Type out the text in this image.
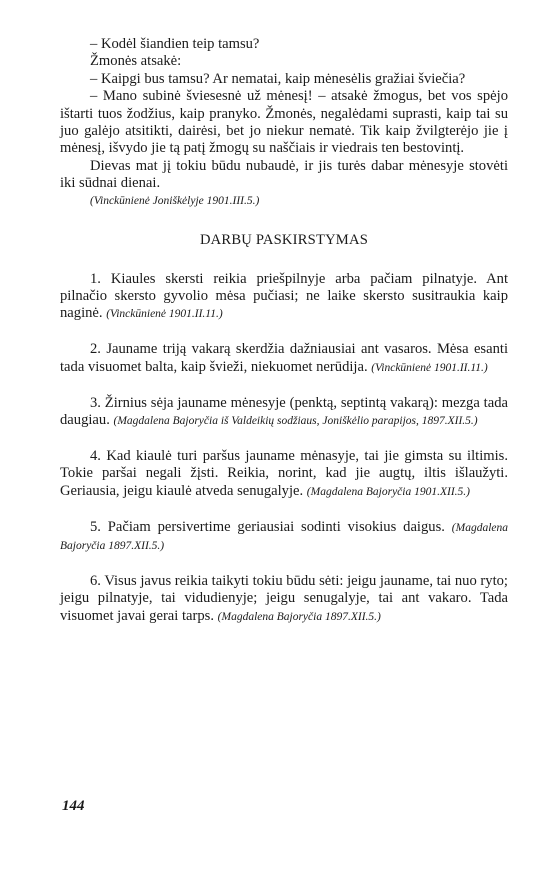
– Kodėl šiandien teip tamsu?

Žmonės atsakė:

– Kaipgi bus tamsu? Ar nematai, kaip mėnesėlis gražiai šviečia?

– Mano subinė šviesesnė už mėnesį! – atsakė žmogus, bet vos spėjo ištarti tuos žodžius, kaip pranyko. Žmonės, negalėdami suprasti, kaip tai su juo galėjo atsitikti, dairėsi, bet jo niekur nematė. Tik kaip žvilgterėjo jie į mėnesį, išvydo jie tą patį žmogų su naščiais ir viedrais ten bestovintį.

Dievas mat jį tokiu būdu nubaudė, ir jis turės dabar mėnesyje stovėti iki sūdnai dienai.

(Vinckūnienė Joniškėlyje 1901.III.5.)

DARBŲ PASKIRSTYMAS

1. Kiaules skersti reikia priešpilnyje arba pačiam pilnatyje. Ant pilnačio skersto gyvolio mėsa pučiasi; ne laike skersto susitraukia kaip naginė. (Vinckūnienė 1901.II.11.)

2. Jauname triją vakarą skerdžia dažniausiai ant vasaros. Mėsa esanti tada visuomet balta, kaip švieži, niekuomet nerūdija. (Vinckūnienė 1901.II.11.)

3. Žirnius sėja jauname mėnesyje (penktą, septintą vakarą): mezga tada daugiau. (Magdalena Bajoryčia iš Valdeikių sodžiaus, Joniškėlio parapijos, 1897.XII.5.)

4. Kad kiaulė turi paršus jauname mėnasyje, tai jie gimsta su iltimis. Tokie paršai negali žįsti. Reikia, norint, kad jie augtų, iltis išlaužyti. Geriausia, jeigu kiaulė atveda senugalyje. (Magdalena Bajoryčia 1901.XII.5.)

5. Pačiam persivertime geriausiai sodinti visokius daigus. (Magdalena Bajoryčia 1897.XII.5.)

6. Visus javus reikia taikyti tokiu būdu sėti: jeigu jauname, tai nuo ryto; jeigu pilnatyje, tai vidudienyje; jeigu senugalyje, tai ant vakaro. Tada visuomet javai gerai tarps. (Magdalena Bajoryčia 1897.XII.5.)

144
